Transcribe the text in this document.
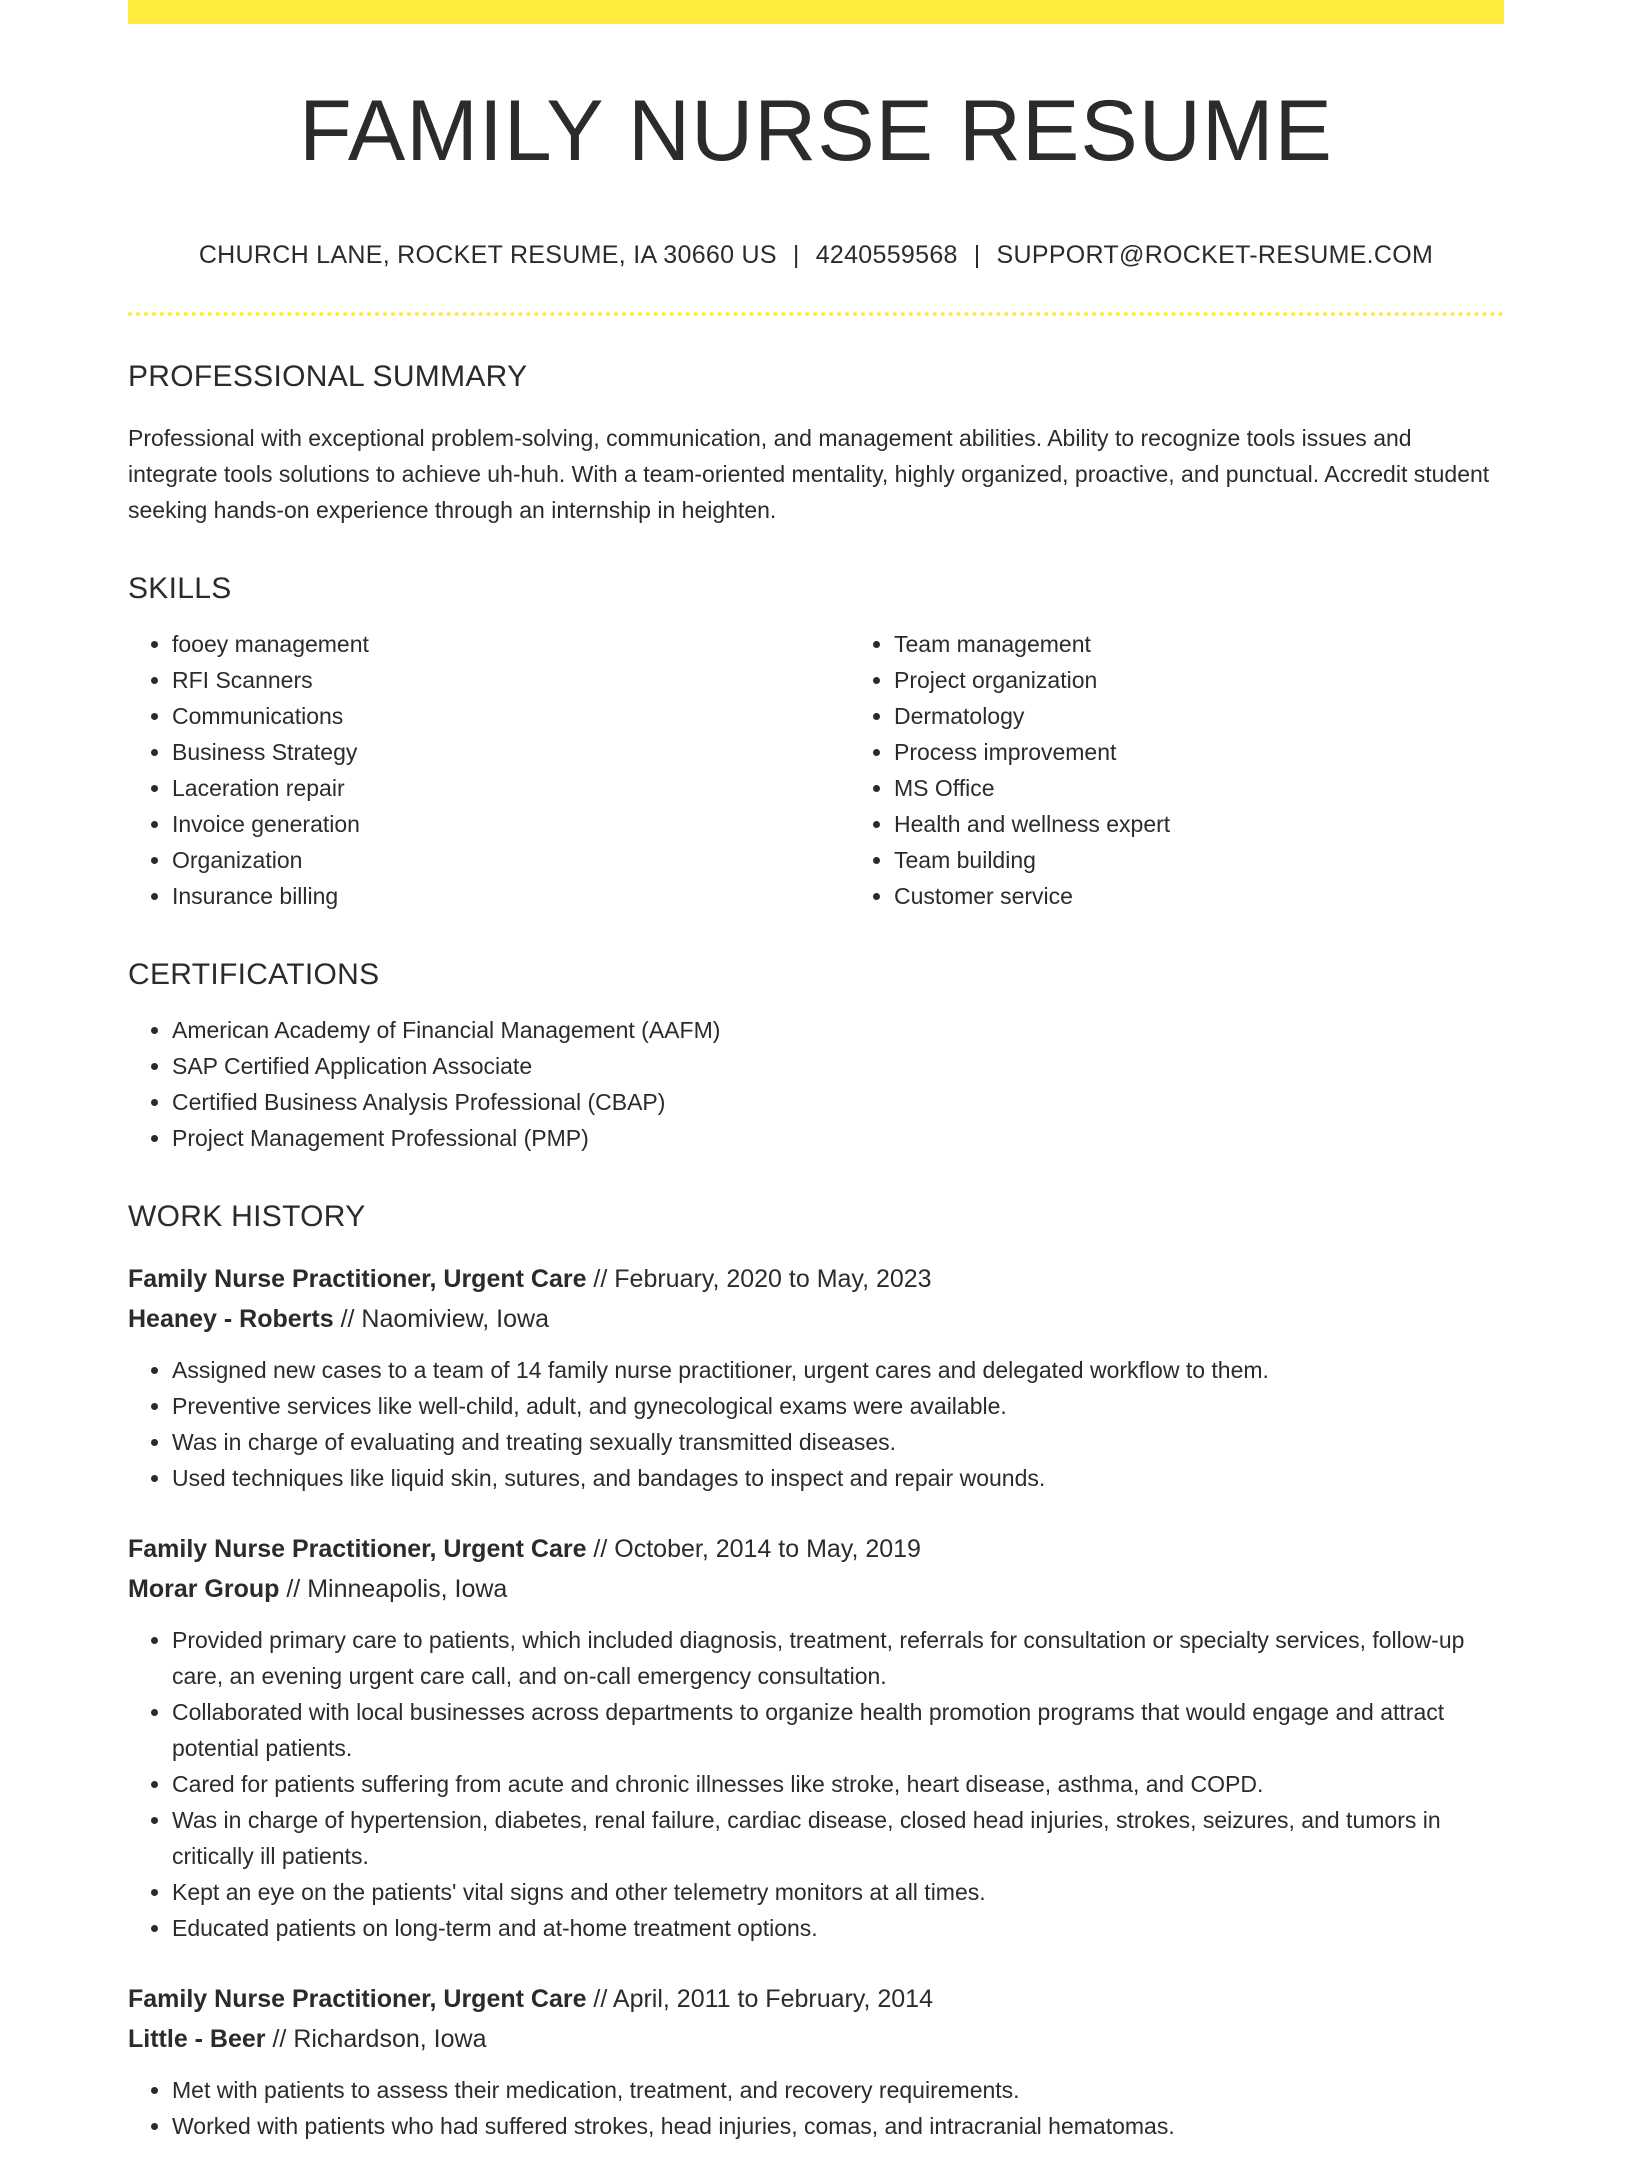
FAMILY NURSE RESUME
CHURCH LANE, ROCKET RESUME, IA 30660 US | 4240559568 | SUPPORT@ROCKET-RESUME.COM
PROFESSIONAL SUMMARY

Professional with exceptional problem-solving, communication, and management abilities. Ability to recognize tools issues and integrate tools solutions to achieve uh-huh. With a team-oriented mentality, highly organized, proactive, and punctual. Accredit student seeking hands-on experience through an internship in heighten.

SKILLS
• fooey management
• RFI Scanners
• Communications
• Business Strategy
• Laceration repair
• Invoice generation
• Organization
• Insurance billing
• Team management
• Project organization
• Dermatology
• Process improvement
• MS Office
• Health and wellness expert
• Team building
• Customer service
CERTIFICATIONS
• American Academy of Financial Management (AAFM)
• SAP Certified Application Associate
• Certified Business Analysis Professional (CBAP)
• Project Management Professional (PMP)
WORK HISTORY
Family Nurse Practitioner, Urgent Care // February, 2020 to May, 2023
Heaney - Roberts // Naomiview, Iowa
• Assigned new cases to a team of 14 family nurse practitioner, urgent cares and delegated workflow to them.
• Preventive services like well-child, adult, and gynecological exams were available.
• Was in charge of evaluating and treating sexually transmitted diseases.
• Used techniques like liquid skin, sutures, and bandages to inspect and repair wounds.
Family Nurse Practitioner, Urgent Care // October, 2014 to May, 2019
Morar Group // Minneapolis, Iowa
• Provided primary care to patients, which included diagnosis, treatment, referrals for consultation or specialty services, follow-up care, an evening urgent care call, and on-call emergency consultation.
• Collaborated with local businesses across departments to organize health promotion programs that would engage and attract potential patients.
• Cared for patients suffering from acute and chronic illnesses like stroke, heart disease, asthma, and COPD.
• Was in charge of hypertension, diabetes, renal failure, cardiac disease, closed head injuries, strokes, seizures, and tumors in critically ill patients.
• Kept an eye on the patients' vital signs and other telemetry monitors at all times.
• Educated patients on long-term and at-home treatment options.
Family Nurse Practitioner, Urgent Care // April, 2011 to February, 2014
Little - Beer // Richardson, Iowa
• Met with patients to assess their medication, treatment, and recovery requirements.
• Worked with patients who had suffered strokes, head injuries, comas, and intracranial hematomas.
